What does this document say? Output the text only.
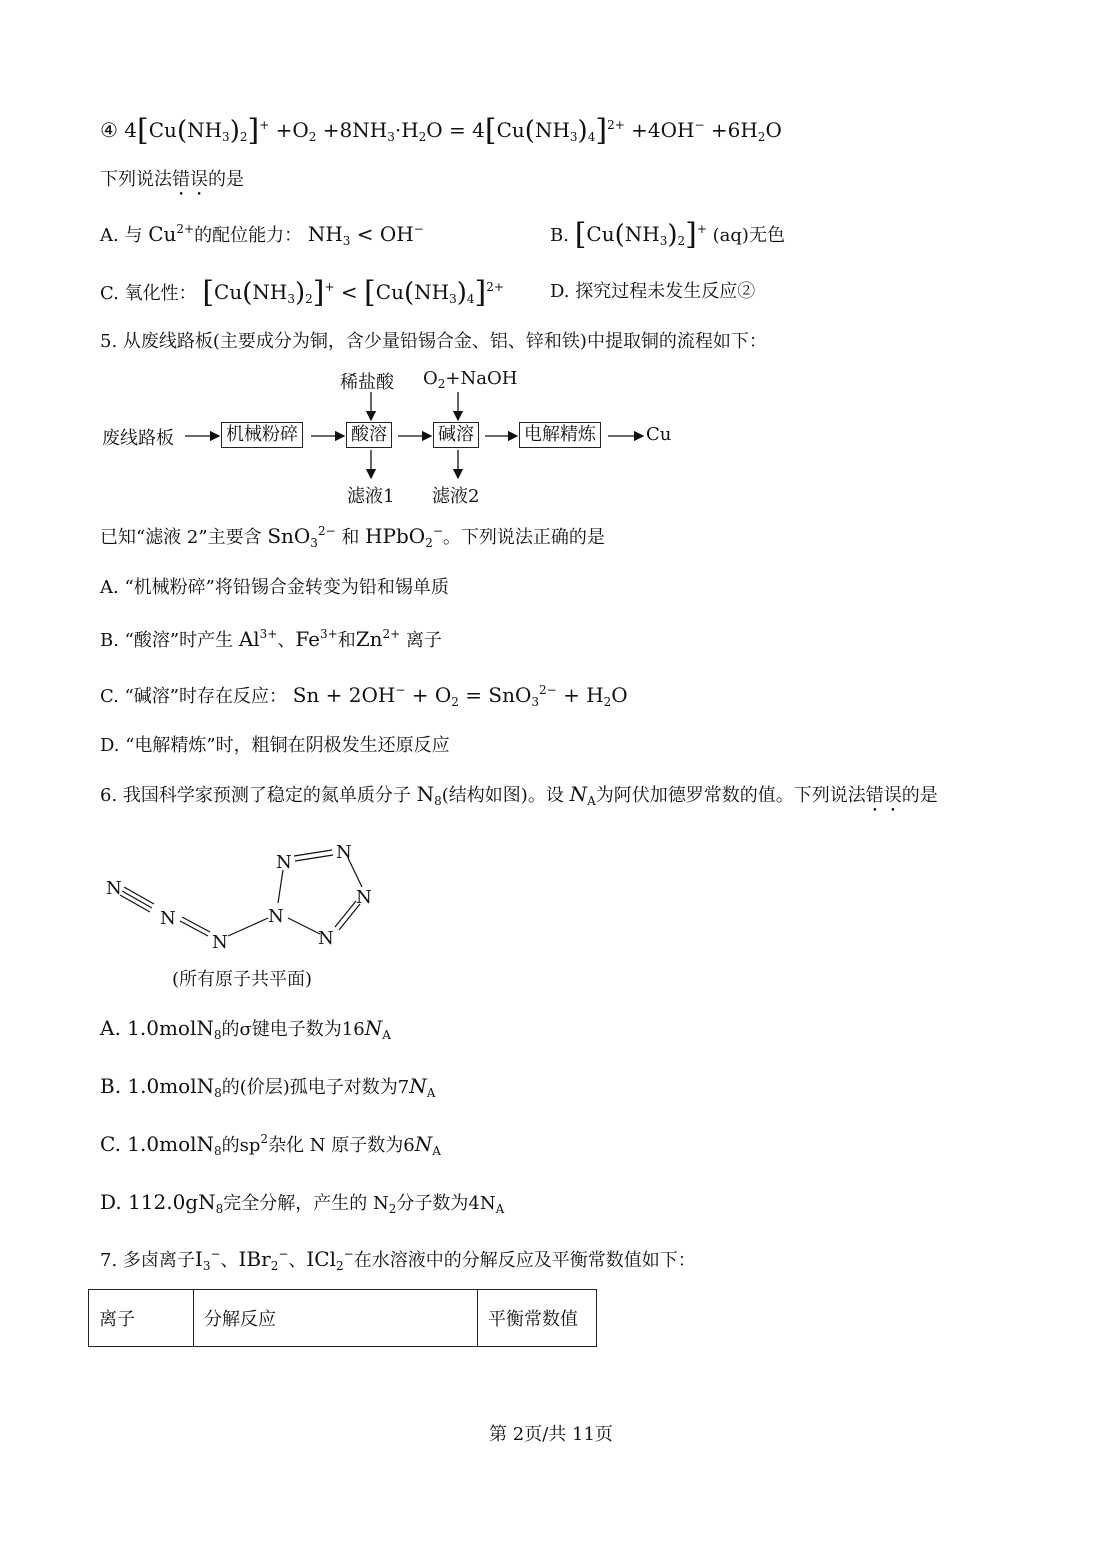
④ $4[Cu(NH_3)_2]^+ +O_2 +8NH_3\cdot H_2O = 4[Cu(NH_3)_4]^{2+} +4OH^- +6H_2O$
下列说法错误的是
A. 与 $Cu^{2+}$的配位能力： $NH_3 < OH^-$	B. $[Cu(NH_3)_2]^+$ (aq)无色
C. 氧化性： $[Cu(NH_3)_2]^+ < [Cu(NH_3)_4]^{2+}$	D. 探究过程未发生反应②
5. 从废线路板(主要成分为铜，含少量铅锡合金、铝、锌和铁)中提取铜的流程如下：
稀盐酸 $O_2+NaOH$
废线路板	机械粉碎	酸溶	碱溶	电解精炼	Cu
滤液1 滤液2
已知“滤液 2”主要含 SnO$_3^{2-}$ 和 HPbO$_2$−。下列说法正确的是
A. “机械粉碎”将铅锡合金转变为铅和锡单质
B. “酸溶”时产生 $Al^{3+}$、$Fe^{3+}$和$Zn^{2+}$ 离子
C. “碱溶”时存在反应： $Sn + 2OH^- + O_2 = SnO_3^{2-} + H_2O$
D. “电解精炼”时，粗铜在阴极发生还原反应
6. 我国科学家预测了稳定的氮单质分子 $N_8$(结构如图)。设 $N_A$为阿伏加德罗常数的值。下列说法错误的是
N
N
N
N
N N
N
N
(所有原子共平面)
A. 1.0molN$_8$的σ键电子数为$16N_A$
B. 1.0molN$_8$的(价层)孤电子对数为$7N_A$
C. 1.0molN$_8$的$sp^2$杂化 N 原子数为$6N_A$
D. $112.0gN_8$完全分解，产生的 $N_2$分子数为$4N_A$
7. 多卤离子$I_3^-$、IBr$_2$−、ICl$_2$−在水溶液中的分解反应及平衡常数值如下：
离子	分解反应	平衡常数值
第 2页/共 11页
